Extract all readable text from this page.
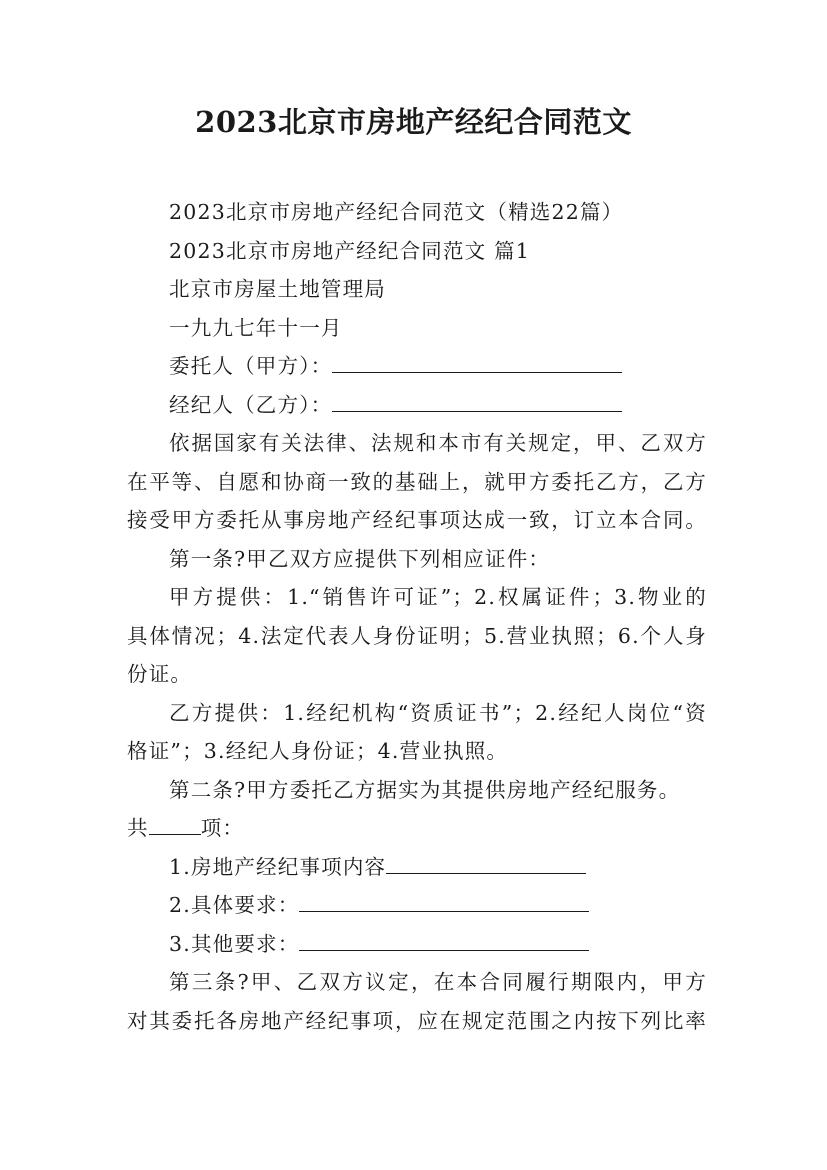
2023北京市房地产经纪合同范文
2023北京市房地产经纪合同范文（精选22篇）
2023北京市房地产经纪合同范文 篇1
北京市房屋土地管理局
一九九七年十一月
委托人（甲方）：
经纪人（乙方）：
依据国家有关法律、法规和本市有关规定，甲、乙双方
在平等、自愿和协商一致的基础上，就甲方委托乙方，乙方
接受甲方委托从事房地产经纪事项达成一致，订立本合同。
第一条?甲乙双方应提供下列相应证件：
甲方提供：1.“销售许可证”；2.权属证件；3.物业的
具体情况；4.法定代表人身份证明；5.营业执照；6.个人身
份证。
乙方提供：1.经纪机构“资质证书”；2.经纪人岗位“资
格证”；3.经纪人身份证；4.营业执照。
第二条?甲方委托乙方据实为其提供房地产经纪服务。
共	项：
1.房地产经纪事项内容
2.具体要求：
3.其他要求：
第三条?甲、乙双方议定，在本合同履行期限内，甲方
对其委托各房地产经纪事项，应在规定范围之内按下列比率
